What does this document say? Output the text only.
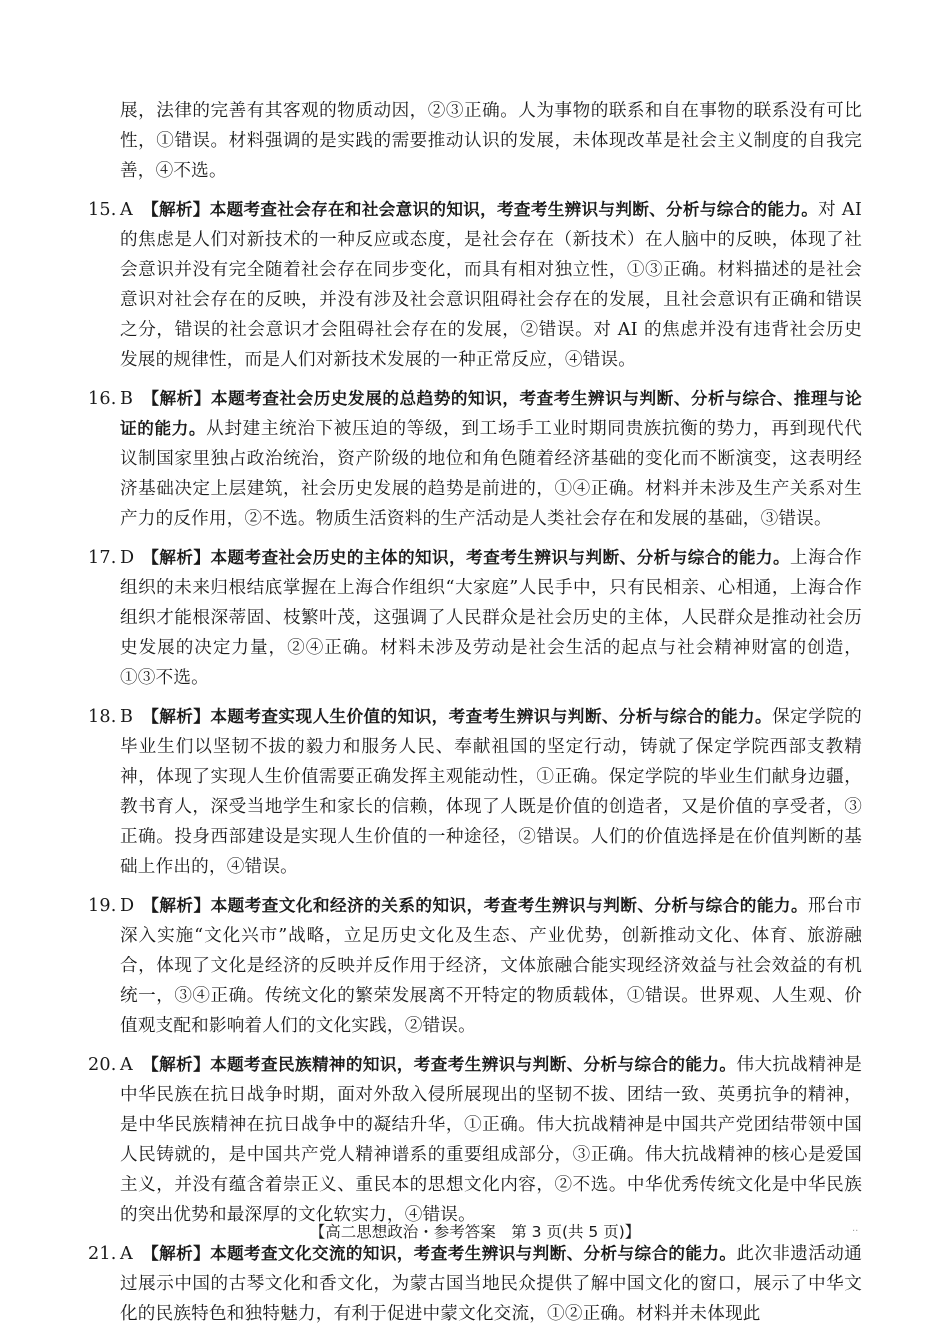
展，法律的完善有其客观的物质动因，②③正确。人为事物的联系和自在事物的联系没有可比性，①错误。材料强调的是实践的需要推动认识的发展，未体现改革是社会主义制度的自我完善，④不选。

15. A 【解析】本题考查社会存在和社会意识的知识，考查考生辨识与判断、分析与综合的能力。对 AI 的焦虑是人们对新技术的一种反应或态度，是社会存在（新技术）在人脑中的反映，体现了社会意识并没有完全随着社会存在同步变化，而具有相对独立性，①③正确。材料描述的是社会意识对社会存在的反映，并没有涉及社会意识阻碍社会存在的发展，且社会意识有正确和错误之分，错误的社会意识才会阻碍社会存在的发展，②错误。对 AI 的焦虑并没有违背社会历史发展的规律性，而是人们对新技术发展的一种正常反应，④错误。

16. B 【解析】本题考查社会历史发展的总趋势的知识，考查考生辨识与判断、分析与综合、推理与论证的能力。从封建主统治下被压迫的等级，到工场手工业时期同贵族抗衡的势力，再到现代代议制国家里独占政治统治，资产阶级的地位和角色随着经济基础的变化而不断演变，这表明经济基础决定上层建筑，社会历史发展的趋势是前进的，①④正确。材料并未涉及生产关系对生产力的反作用，②不选。物质生活资料的生产活动是人类社会存在和发展的基础，③错误。

17. D 【解析】本题考查社会历史的主体的知识，考查考生辨识与判断、分析与综合的能力。上海合作组织的未来归根结底掌握在上海合作组织“大家庭”人民手中，只有民相亲、心相通，上海合作组织才能根深蒂固、枝繁叶茂，这强调了人民群众是社会历史的主体，人民群众是推动社会历史发展的决定力量，②④正确。材料未涉及劳动是社会生活的起点与社会精神财富的创造，①③不选。

18. B 【解析】本题考查实现人生价值的知识，考查考生辨识与判断、分析与综合的能力。保定学院的毕业生们以坚韧不拔的毅力和服务人民、奉献祖国的坚定行动，铸就了保定学院西部支教精神，体现了实现人生价值需要正确发挥主观能动性，①正确。保定学院的毕业生们献身边疆，教书育人，深受当地学生和家长的信赖，体现了人既是价值的创造者，又是价值的享受者，③正确。投身西部建设是实现人生价值的一种途径，②错误。人们的价值选择是在价值判断的基础上作出的，④错误。

19. D 【解析】本题考查文化和经济的关系的知识，考查考生辨识与判断、分析与综合的能力。邢台市深入实施“文化兴市”战略，立足历史文化及生态、产业优势，创新推动文化、体育、旅游融合，体现了文化是经济的反映并反作用于经济，文体旅融合能实现经济效益与社会效益的有机统一，③④正确。传统文化的繁荣发展离不开特定的物质载体，①错误。世界观、人生观、价值观支配和影响着人们的文化实践，②错误。

20. A 【解析】本题考查民族精神的知识，考查考生辨识与判断、分析与综合的能力。伟大抗战精神是中华民族在抗日战争时期，面对外敌入侵所展现出的坚韧不拔、团结一致、英勇抗争的精神，是中华民族精神在抗日战争中的凝结升华，①正确。伟大抗战精神是中国共产党团结带领中国人民铸就的，是中国共产党人精神谱系的重要组成部分，③正确。伟大抗战精神的核心是爱国主义，并没有蕴含着崇正义、重民本的思想文化内容，②不选。中华优秀传统文化是中华民族的突出优势和最深厚的文化软实力，④错误。

21. A 【解析】本题考查文化交流的知识，考查考生辨识与判断、分析与综合的能力。此次非遗活动通过展示中国的古琴文化和香文化，为蒙古国当地民众提供了解中国文化的窗口，展示了中华文化的民族特色和独特魅力，有利于促进中蒙文化交流，①②正确。材料并未体现此

【高二思想政治・参考答案　第 3 页(共 5 页)】	··
